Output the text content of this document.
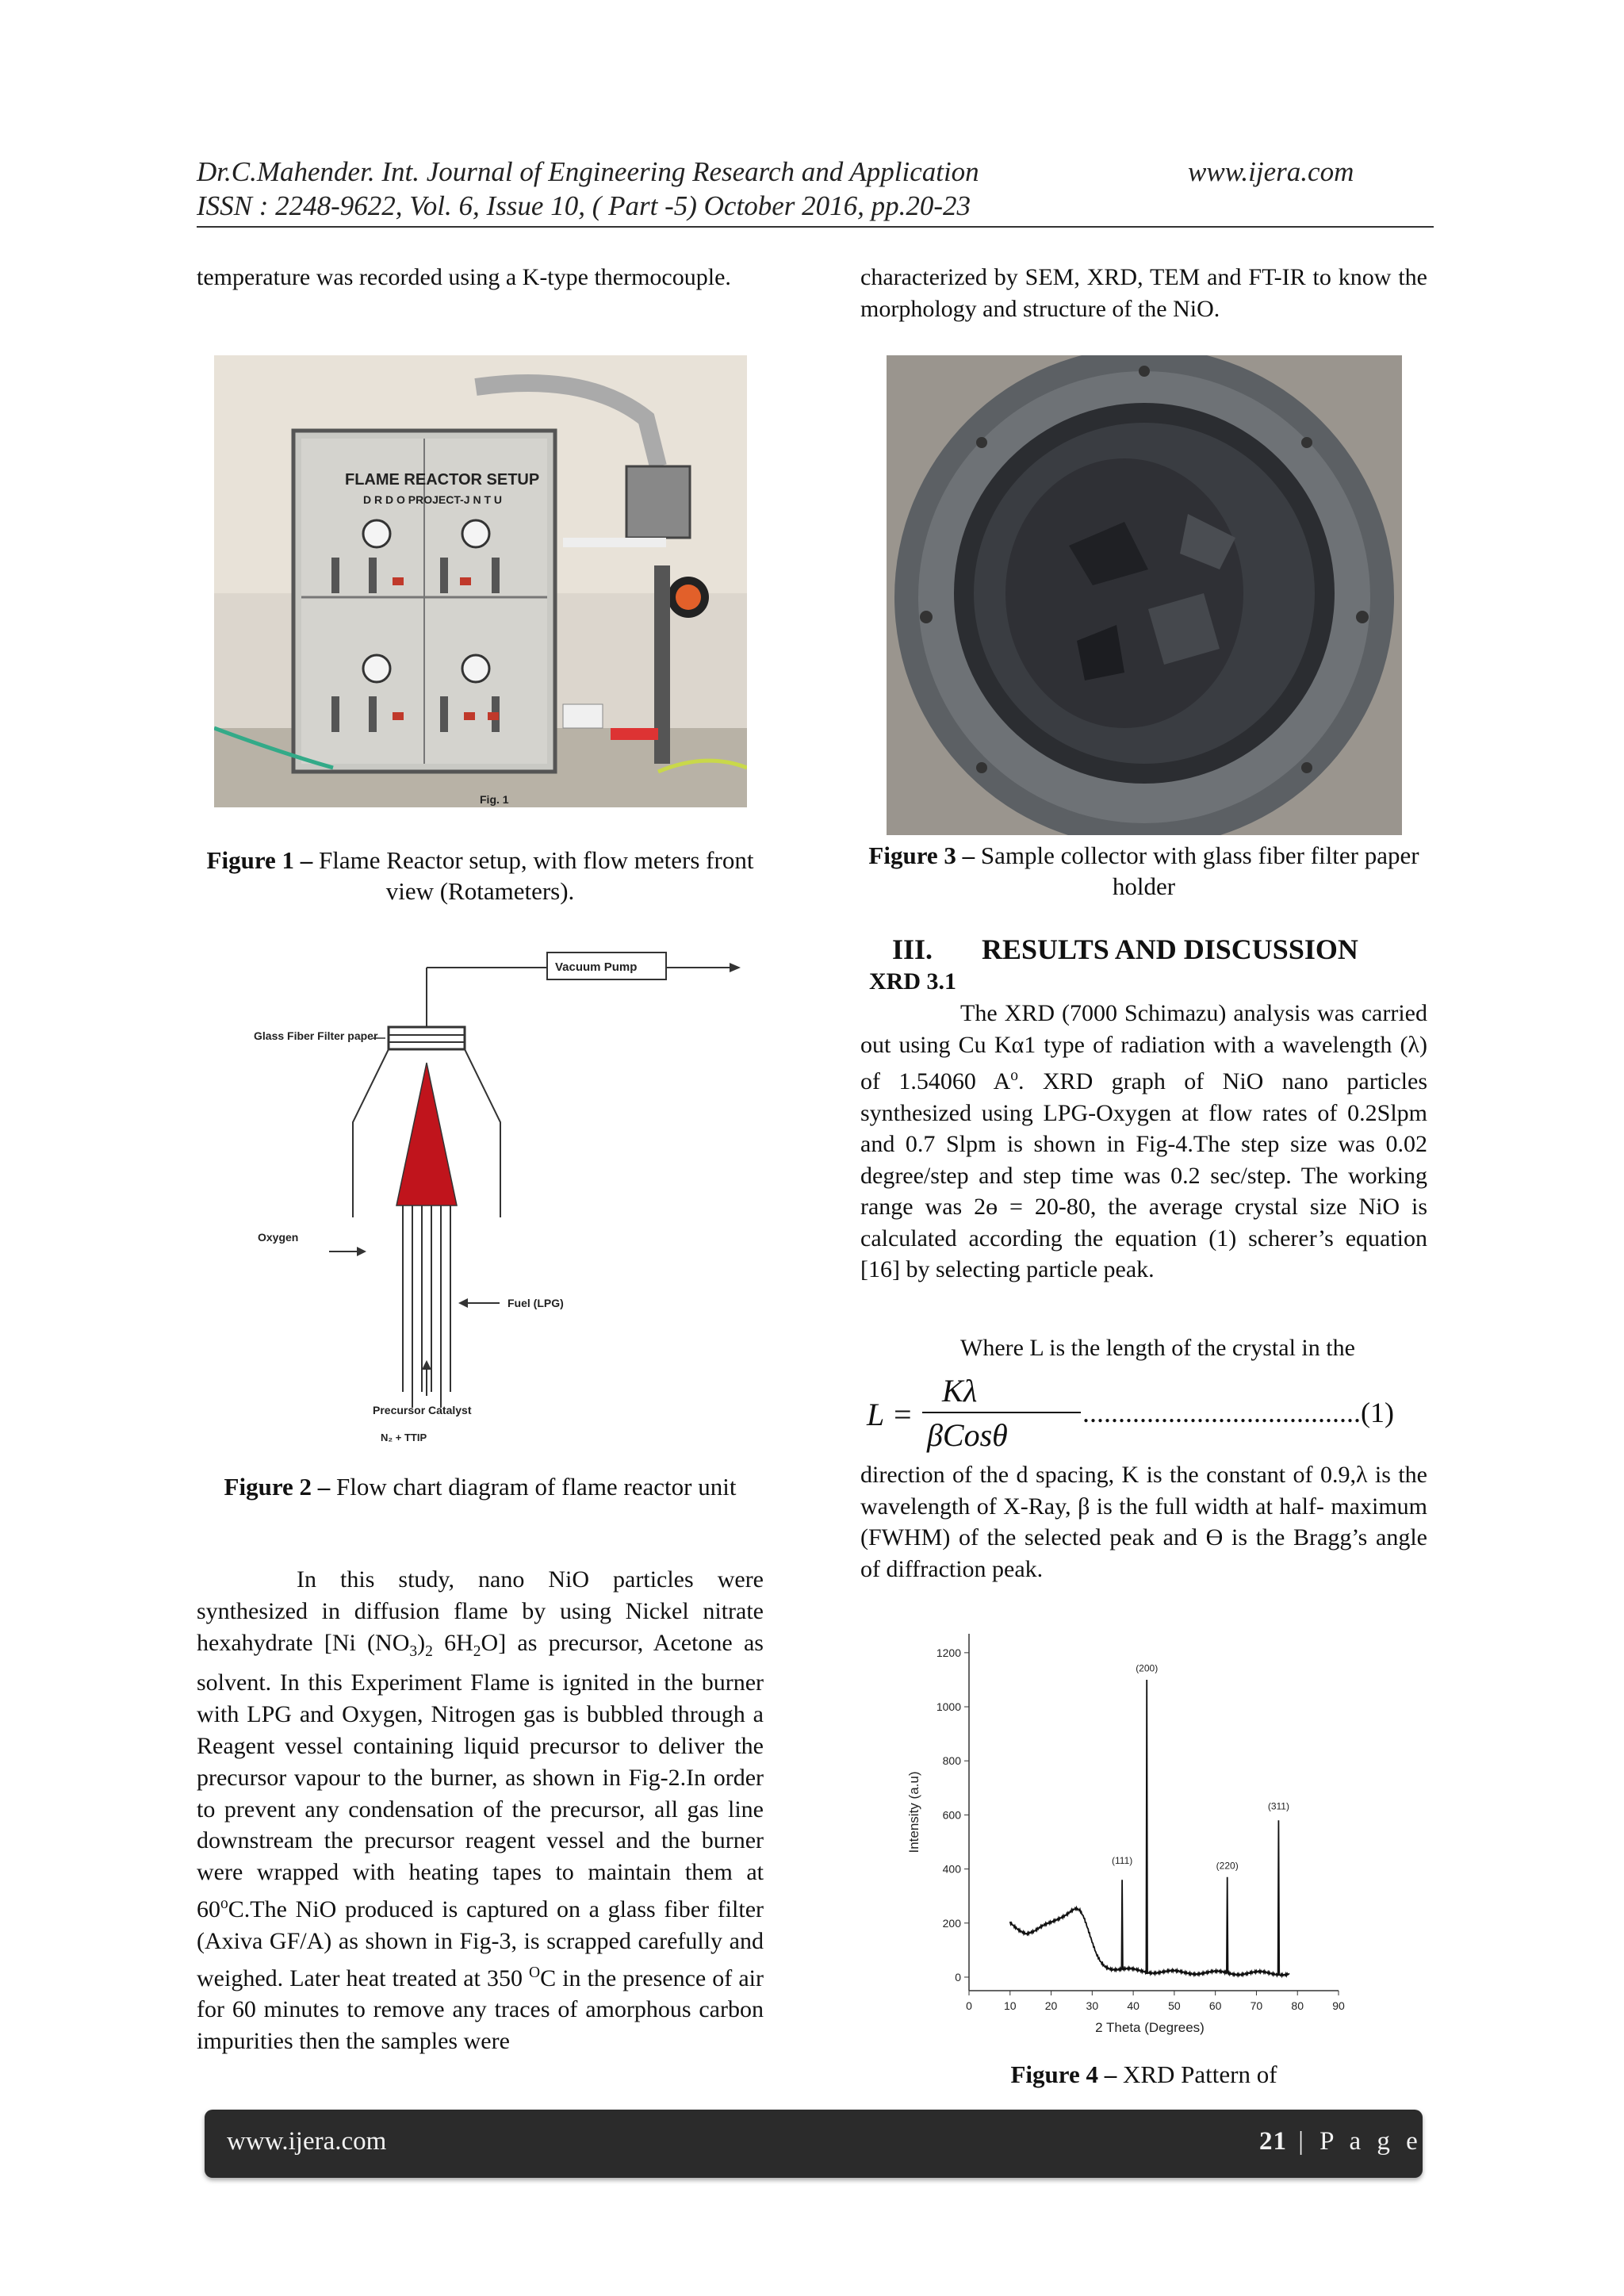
Dr.C.Mahender. Int. Journal of Engineering Research and Application	www.ijera.com
ISSN : 2248-9622, Vol. 6, Issue 10, ( Part -5) October 2016, pp.20-23
temperature was recorded using a K-type thermocouple.
FLAME REACTOR SETUP
D R D O PROJECT-J N T U
Fig. 1
Figure 1 – Flame Reactor setup, with flow meters front view (Rotameters).
Vacuum Pump
Glass Fiber Filter paper
Oxygen
Fuel (LPG)
Precursor Catalyst
N₂ + TTIP
Figure 2 – Flow chart diagram of flame reactor unit
In this study, nano NiO particles were synthesized in diffusion flame by using Nickel nitrate hexahydrate [Ni $(NO_3)_2$ $6H_2O$] as precursor, Acetone as solvent. In this Experiment Flame is ignited in the burner with LPG and Oxygen, Nitrogen gas is bubbled through a Reagent vessel containing liquid precursor to deliver the precursor vapour to the burner, as shown in Fig-2.In order to prevent any condensation of the precursor, all gas line downstream the precursor reagent vessel and the burner were wrapped with heating tapes to maintain them at 60$^o$C.The NiO produced is captured on a glass fiber filter (Axiva GF/A) as shown in Fig-3, is scrapped carefully and weighed. Later heat treated at 350 $^O$C in the presence of air for 60 minutes to remove any traces of amorphous carbon impurities then the samples were
characterized by SEM, XRD, TEM and FT-IR to know the morphology and structure of the NiO.
Figure 3 – Sample collector with glass fiber filter paper holder
III. RESULTS AND DISCUSSION
XRD 3.1
The XRD (7000 Schimazu) analysis was carried out using Cu Kα1 type of radiation with a wavelength (λ) of 1.54060 $A^o$. XRD graph of NiO nano particles synthesized using LPG-Oxygen at flow rates of 0.2Slpm and 0.7 Slpm is shown in Fig-4.The step size was 0.02 degree/step and step time was 0.2 sec/step. The working range was 2ɵ = 20-80, the average crystal size NiO is calculated according the equation (1) scherer’s equation [16] by selecting particle peak.
Where L is the length of the crystal in the
L =
K λ
βCosθ
.......................................(1)
direction of the d spacing, K is the constant of 0.9,λ is the wavelength of X-Ray, β is the full width at half- maximum (FWHM) of the selected peak and Ɵ is the Bragg’s angle of diffraction peak.
0	10	20	30	40	50	60	70	80	90
0
200
400
600
800
1000
1200
(111)
(200)
(220)
(311)
2 Theta (Degrees)
Intensity (a.u)
Figure 4 – XRD Pattern of
www.ijera.com	21 | P a g e
